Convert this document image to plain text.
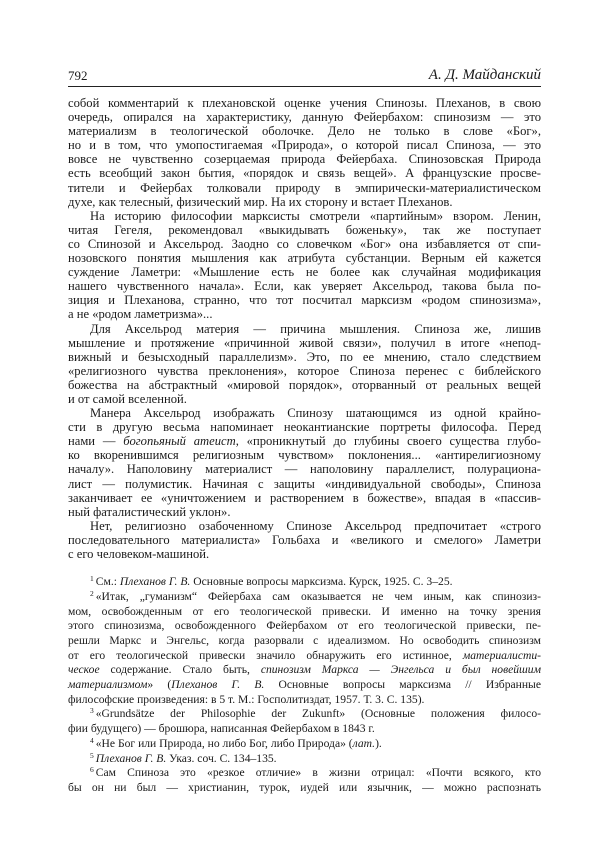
792	А. Д. Майданский
собой комментарий к плехановской оценке учения Спинозы. Плеханов, в свою
очередь, опирался на характеристику, данную Фейербахом: спинозизм — это
материализм в теологической оболочке. Дело не только в слове «Бог»,
но и в том, что умопостигаемая «Природа», о которой писал Спиноза, — это
вовсе не чувственно созерцаемая природа Фейербаха. Спинозовская Природа
есть всеобщий закон бытия, «порядок и связь вещей». А французские просве-
тители и Фейербах толковали природу в эмпирически-материалистическом
духе, как телесный, физический мир. На их сторону и встает Плеханов.
На историю философии марксисты смотрели «партийным» взором. Ленин,
читая Гегеля, рекомендовал «выкидывать боженьку», так же поступает
со Спинозой и Аксельрод. Заодно со словечком «Бог» она избавляется от спи-
нозовского понятия мышления как атрибута субстанции. Верным ей кажется
суждение Ламетри: «Мышление есть не более как случайная модификация
нашего чувственного начала». Если, как уверяет Аксельрод, такова была по-
зиция и Плеханова, странно, что тот посчитал марксизм «родом спинозизма»,
а не «родом ламетризма»...
Для Аксельрод материя — причина мышления. Спиноза же, лишив
мышление и протяжение «причинной живой связи», получил в итоге «непод-
вижный и безысходный параллелизм». Это, по ее мнению, стало следствием
«религиозного чувства преклонения», которое Спиноза перенес с библейского
божества на абстрактный «мировой порядок», оторванный от реальных вещей
и от самой вселенной.
Манера Аксельрод изображать Спинозу шатающимся из одной крайно-
сти в другую весьма напоминает неокантианские портреты философа. Перед
нами — богопьяный атеист, «проникнутый до глубины своего существа глубо-
ко вкоренившимся религиозным чувством» поклонения... «антирелигиозному
началу». Наполовину материалист — наполовину параллелист, полурациона-
лист — полумистик. Начиная с защиты «индивидуальной свободы», Спиноза
заканчивает ее «уничтожением и растворением в божестве», впадая в «пассив-
ный фаталистический уклон».
Нет, религиозно озабоченному Спинозе Аксельрод предпочитает «строго
последовательного материалиста» Гольбаха и «великого и смелого» Ламетри
с его человеком-машиной.
$^1$ См.: Плеханов Г. В. Основные вопросы марксизма. Курск, 1925. С. 3–25.
$^2$ «Итак, „гуманизм“ Фейербаха сам оказывается не чем иным, как спинозиз-
мом, освобожденным от его теологической привески. И именно на точку зрения
этого спинозизма, освобожденного Фейербахом от его теологической привески, пе-
решли Маркс и Энгельс, когда разорвали с идеализмом. Но освободить спинозизм
от его теологической привески значило обнаружить его истинное, материалисти-
ческое содержание. Стало быть, спинозизм Маркса — Энгельса и был новейшим
материализмом» (Плеханов Г. В. Основные вопросы марксизма // Избранные
философские произведения: в 5 т. М.: Госполитиздат, 1957. Т. 3. С. 135).
$^3$ «Grundsätze der Philosophie der Zukunft» (Основные положения филосо-
фии будущего) — брошюра, написанная Фейербахом в 1843 г.
$^4$ «Не Бог или Природа, но либо Бог, либо Природа» (лат.).
$^5$ Плеханов Г. В. Указ. соч. С. 134–135.
$^6$ Сам Спиноза это «резкое отличие» в жизни отрицал: «Почти всякого, кто
бы он ни был — христианин, турок, иудей или язычник, — можно распознать
